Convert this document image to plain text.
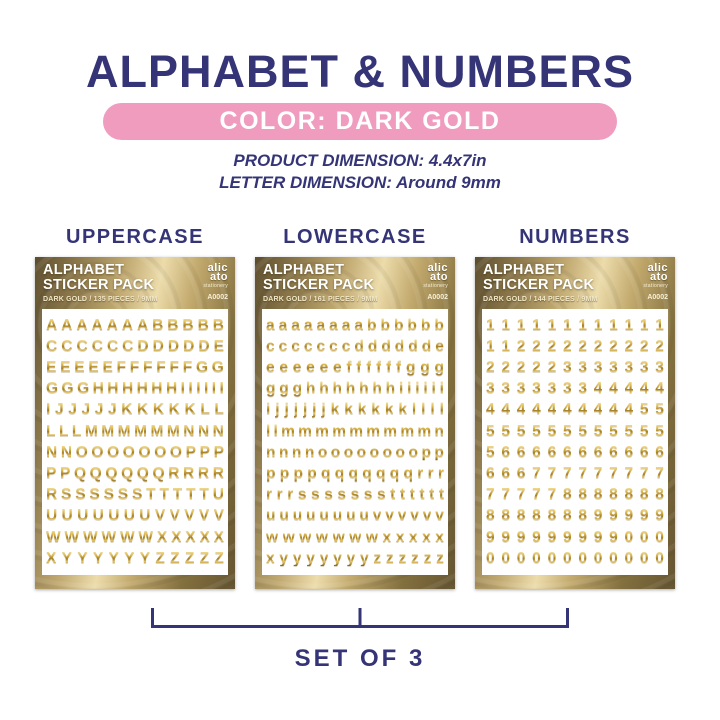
ALPHABET & NUMBERS
COLOR: DARK GOLD
PRODUCT DIMENSION: 4.4x7in
LETTER DIMENSION: Around 9mm
UPPERCASE
ALPHABET
STICKER PACK
DARK GOLD / 135 PIECES / 9MM
alic
ato
stationery
A0002
A A A A A A A B B B B B
C C C C C C D D D D D E
E E E E E F F F F F F G G
G G G H H H H H H I I I I I I
I J J J J J K K K K K L L
L L L M M M M M M N N N
N N O O O O O O O P P P
P P Q Q Q Q Q Q R R R R
R S S S S S S T T T T T U
U U U U U U U V V V V V
W W W W W W X X X X X
X Y Y Y Y Y Y Z Z Z Z Z
LOWERCASE
ALPHABET
STICKER PACK
DARK GOLD / 161 PIECES / 9MM
alic
ato
stationery
A0002
a a a a a a a a b b b b b b
c c c c c c c d d d d d d e
e e e e e e f f f f f f g g g
g g g h h h h h h h i i i i i i
i j j j j j j k k k k k k l l l l
l l m m m m m m m m m n
n n n n o o o o o o o o p p
p p p p q q q q q q q r r r
r r r s s s s s s s t t t t t t
u u u u u u u u v v v v v v
w w w w w w w x x x x x
x y y y y y y y z z z z z z
NUMBERS
ALPHABET
STICKER PACK
DARK GOLD / 144 PIECES / 9MM
alic
ato
stationery
A0002
1 1 1 1 1 1 1 1 1 1 1 1
1 1 2 2 2 2 2 2 2 2 2 2
2 2 2 2 2 3 3 3 3 3 3 3
3 3 3 3 3 3 3 4 4 4 4 4
4 4 4 4 4 4 4 4 4 4 5 5
5 5 5 5 5 5 5 5 5 5 5 5
5 6 6 6 6 6 6 6 6 6 6 6
6 6 6 7 7 7 7 7 7 7 7 7
7 7 7 7 7 8 8 8 8 8 8 8
8 8 8 8 8 8 8 9 9 9 9 9
9 9 9 9 9 9 9 9 9 0 0 0
0 0 0 0 0 0 0 0 0 0 0 0
SET OF 3
